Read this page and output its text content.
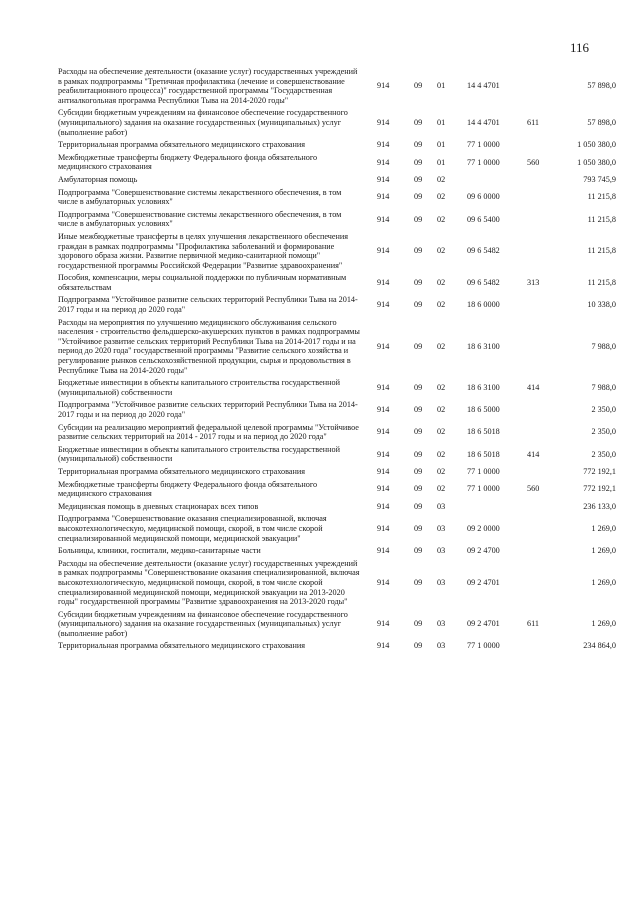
116
Расходы на обеспечение деятельности (оказание услуг) государственных учреждений в рамках подпрограммы "Третичная профилактика (лечение и совершенствование реабилитационного процесса)" государственной программы "Государственная антиалкогольная программа Республики Тыва на 2014-2020 годы"	914	09	01	14 4 4701		57 898,0
Субсидии бюджетным учреждениям на финансовое обеспечение государственного (муниципального) задания на оказание государственных (муниципальных) услуг (выполнение работ)	914	09	01	14 4 4701	611	57 898,0
Территориальная программа обязательного медицинского страхования	914	09	01	77 1 0000		1 050 380,0
Межбюджетные трансферты бюджету Федерального фонда обязательного медицинского страхования	914	09	01	77 1 0000	560	1 050 380,0
Амбулаторная помощь	914	09	02			793 745,9
Подпрограмма "Совершенствование системы лекарственного обеспечения, в том числе в амбулаторных условиях"	914	09	02	09 6 0000		11 215,8
Подпрограмма "Совершенствование системы лекарственного обеспечения, в том числе в амбулаторных условиях"	914	09	02	09 6 5400		11 215,8
Иные межбюджетные трансферты в целях улучшения лекарственного обеспечения граждан в рамках подпрограммы "Профилактика заболеваний и формирование здорового образа жизни. Развитие первичной медико-санитарной помощи" государственной программы Российской Федерации "Развитие здравоохранения"	914	09	02	09 6 5482		11 215,8
Пособия, компенсации, меры социальной поддержки по публичным нормативным обязательствам	914	09	02	09 6 5482	313	11 215,8
Подпрограмма "Устойчивое развитие сельских территорий Республики Тыва на 2014-2017 годы и на период до 2020 года"	914	09	02	18 6 0000		10 338,0
Расходы на мероприятия по улучшению медицинского обслуживания сельского населения - строительство фельдшерско-акушерских пунктов в рамках подпрограммы "Устойчивое развитие сельских территорий Республики Тыва на 2014-2017 годы и на период до 2020 года" государственной программы "Развитие сельского хозяйства и регулирование рынков сельскохозяйственной продукции, сырья и продовольствия в Республике Тыва на 2014-2020 годы"	914	09	02	18 6 3100		7 988,0
Бюджетные инвестиции в объекты капитального строительства государственной (муниципальной) собственности	914	09	02	18 6 3100	414	7 988,0
Подпрограмма "Устойчивое развитие сельских территорий Республики Тыва на 2014-2017 годы и на период до 2020 года"	914	09	02	18 6 5000		2 350,0
Субсидии на реализацию мероприятий федеральной целевой программы "Устойчивое развитие сельских территорий на 2014 - 2017 годы и на период до 2020 года"	914	09	02	18 6 5018		2 350,0
Бюджетные инвестиции в объекты капитального строительства государственной (муниципальной) собственности	914	09	02	18 6 5018	414	2 350,0
Территориальная программа обязательного медицинского страхования	914	09	02	77 1 0000		772 192,1
Межбюджетные трансферты бюджету Федерального фонда обязательного медицинского страхования	914	09	02	77 1 0000	560	772 192,1
Медицинская помощь в дневных стационарах всех типов	914	09	03			236 133,0
Подпрограмма "Совершенствование оказания специализированной, включая высокотехнологическую, медицинской помощи, скорой, в том числе скорой специализированной медицинской помощи, медицинской эвакуации"	914	09	03	09 2 0000		1 269,0
Больницы, клиники, госпитали, медико-санитарные части	914	09	03	09 2 4700		1 269,0
Расходы на обеспечение деятельности (оказание услуг) государственных учреждений в рамках подпрограммы "Совершенствование оказания специализированной, включая высокотехнологическую, медицинской помощи, скорой, в том числе скорой специализированной медицинской помощи, медицинской эвакуации на 2013-2020 годы" государственной программы "Развитие здравоохранения на 2013-2020 годы"	914	09	03	09 2 4701		1 269,0
Субсидии бюджетным учреждениям на финансовое обеспечение государственного (муниципального) задания на оказание государственных (муниципальных) услуг (выполнение работ)	914	09	03	09 2 4701	611	1 269,0
Территориальная программа обязательного медицинского страхования	914	09	03	77 1 0000		234 864,0
